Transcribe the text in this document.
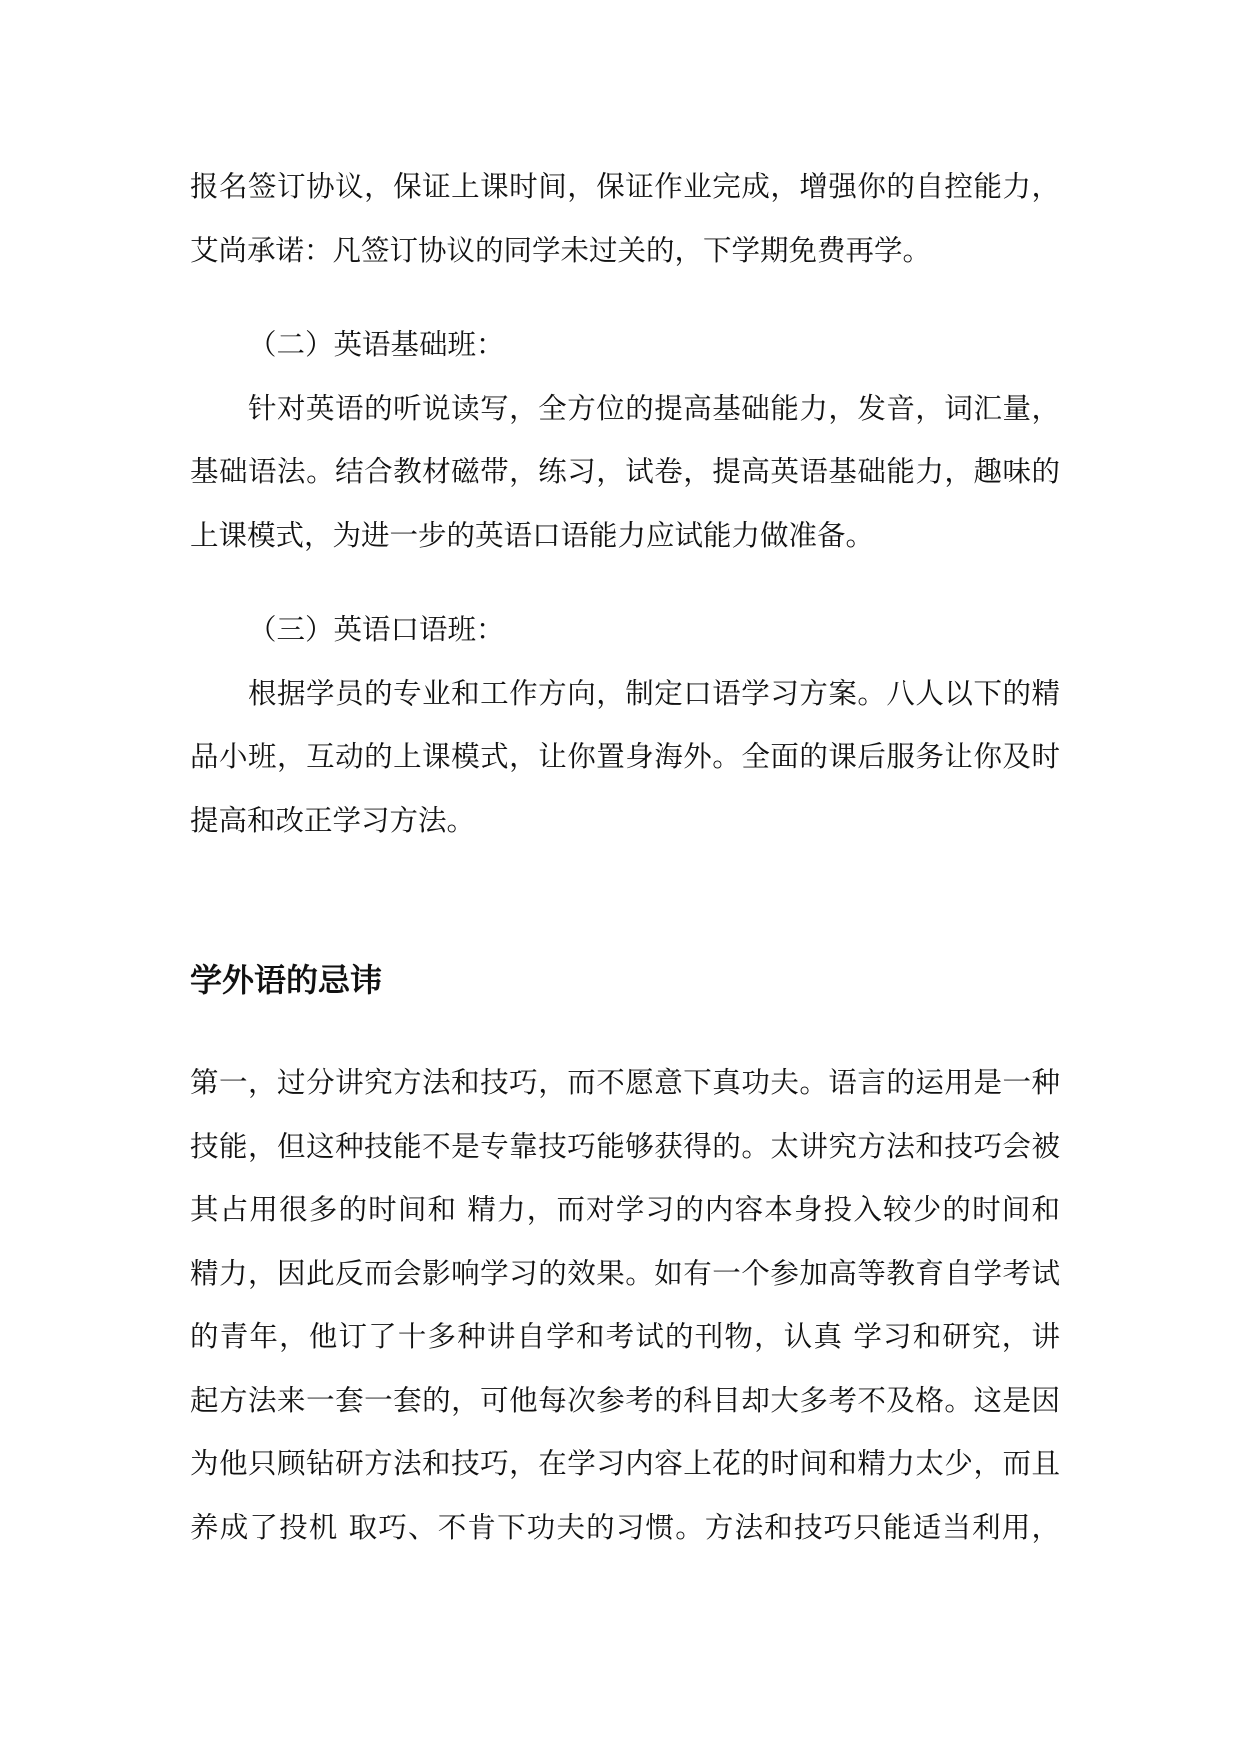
报名签订协议，保证上课时间，保证作业完成，增强你的自控能力，
艾尚承诺：凡签订协议的同学未过关的，下学期免费再学。
（二）英语基础班：
针对英语的听说读写，全方位的提高基础能力，发音，词汇量，
基础语法。结合教材磁带，练习，试卷，提高英语基础能力，趣味的
上课模式，为进一步的英语口语能力应试能力做准备。
（三）英语口语班：
根据学员的专业和工作方向，制定口语学习方案。八人以下的精
品小班，互动的上课模式，让你置身海外。全面的课后服务让你及时
提高和改正学习方法。
学外语的忌讳
第一，过分讲究方法和技巧，而不愿意下真功夫。语言的运用是一种
技能，但这种技能不是专靠技巧能够获得的。太讲究方法和技巧会被
其占用很多的时间和 精力，而对学习的内容本身投入较少的时间和
精力，因此反而会影响学习的效果。如有一个参加高等教育自学考试
的青年，他订了十多种讲自学和考试的刊物，认真 学习和研究，讲
起方法来一套一套的，可他每次参考的科目却大多考不及格。这是因
为他只顾钻研方法和技巧，在学习内容上花的时间和精力太少，而且
养成了投机 取巧、不肯下功夫的习惯。方法和技巧只能适当利用，
